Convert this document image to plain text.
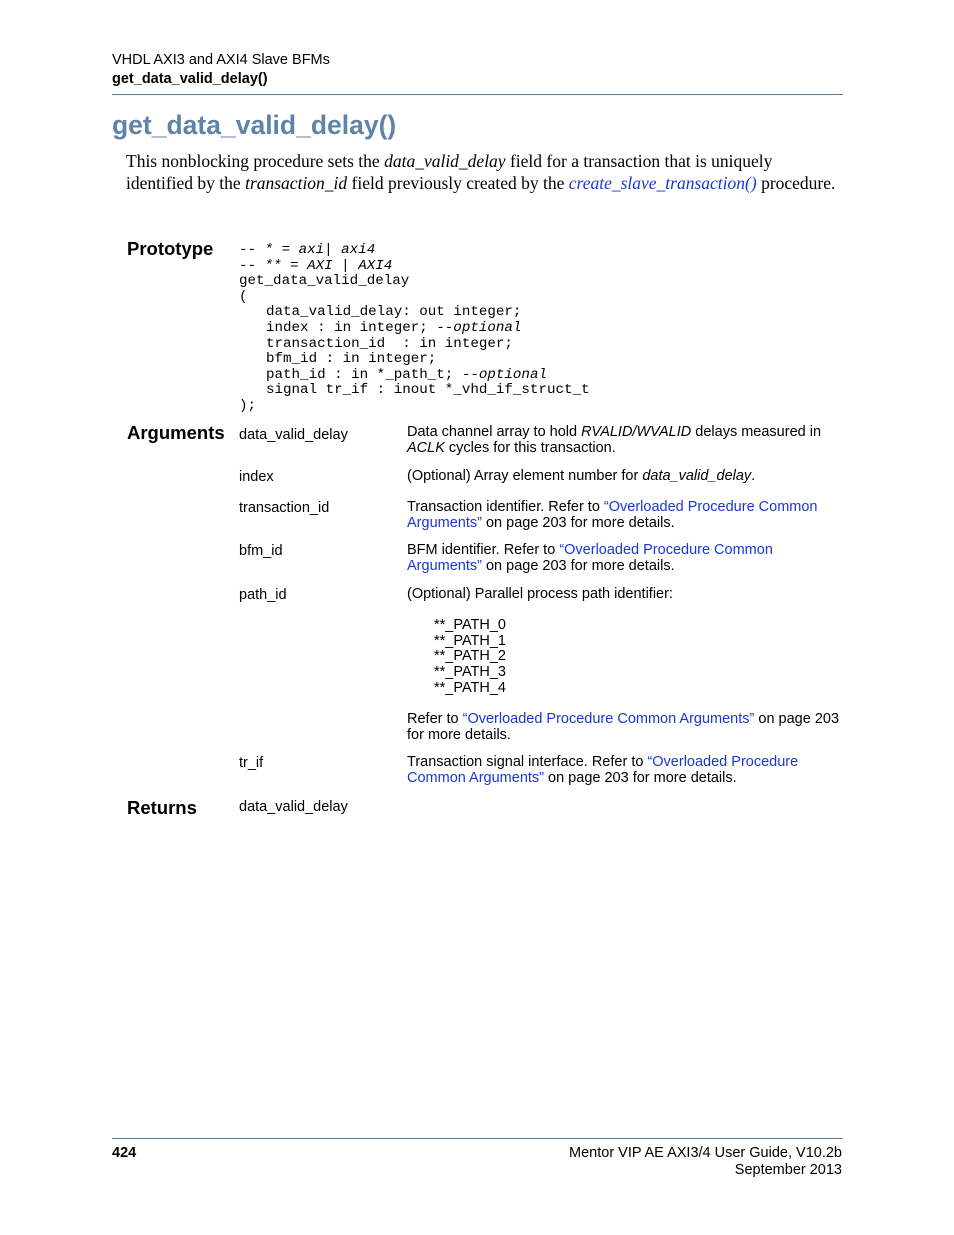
VHDL AXI3 and AXI4 Slave BFMs
get_data_valid_delay()
get_data_valid_delay()
This nonblocking procedure sets the data_valid_delay field for a transaction that is uniquely identified by the transaction_id field previously created by the create_slave_transaction() procedure.
Prototype -- * = axi| axi4
-- ** = AXI | AXI4
get_data_valid_delay
(
data_valid_delay: out integer;
index : in integer; --optional
transaction_id  : in integer;
bfm_id : in integer;
path_id : in *_path_t; --optional
signal tr_if : inout *_vhd_if_struct_t
);
Arguments data_valid_delay	Data channel array to hold RVALID/WVALID delays measured in ACLK cycles for this transaction.
index	(Optional) Array element number for data_valid_delay.
transaction_id	Transaction identifier. Refer to “Overloaded Procedure Common Arguments” on page 203 for more details.
bfm_id	BFM identifier. Refer to “Overloaded Procedure Common Arguments” on page 203 for more details.
path_id	(Optional) Parallel process path identifier:
**_PATH_0
**_PATH_1
**_PATH_2
**_PATH_3
**_PATH_4
Refer to “Overloaded Procedure Common Arguments” on page 203 for more details.
tr_if	Transaction signal interface. Refer to “Overloaded Procedure Common Arguments” on page 203 for more details.
Returns	data_valid_delay
424	Mentor VIP AE AXI3/4 User Guide, V10.2b
September 2013
